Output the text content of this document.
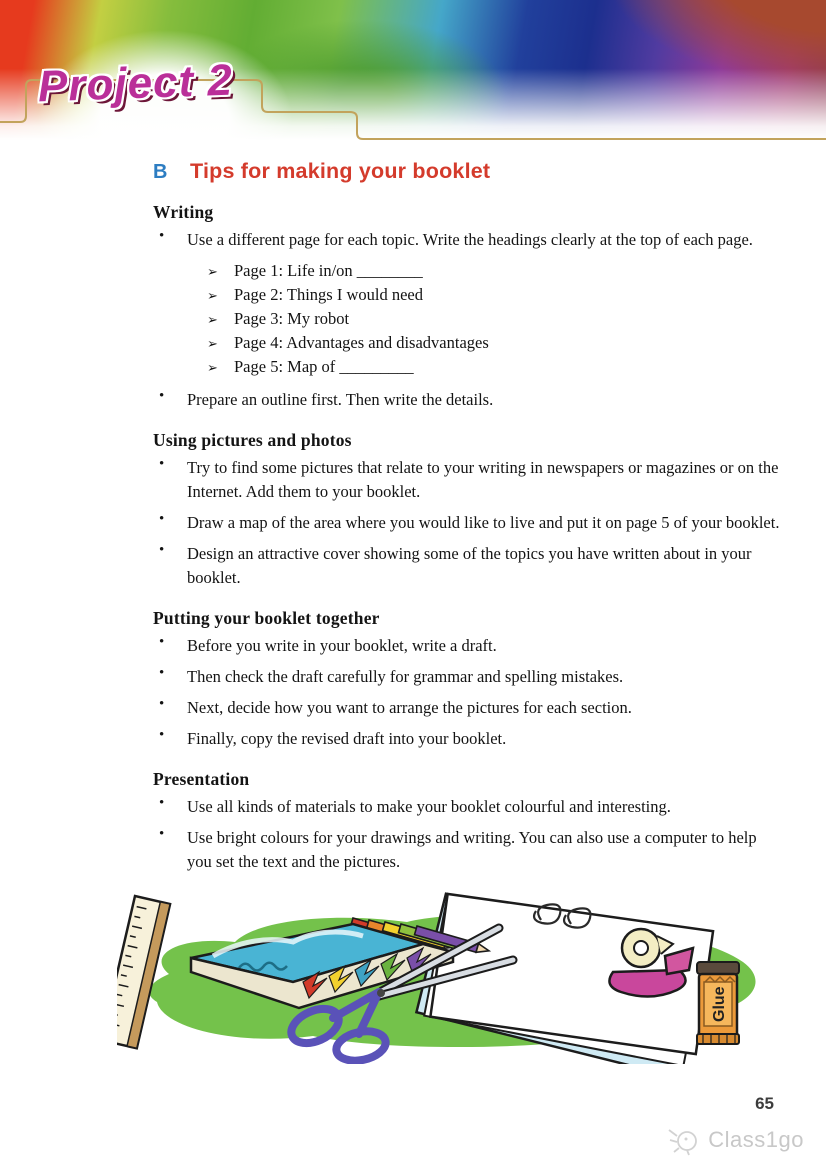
Project 2
B	Tips for making your booklet
Writing
•	Use a different page for each topic. Write the headings clearly at the top of each page.

➢ Page 1: Life in/on ________
➢ Page 2: Things I would need
➢ Page 3: My robot
➢ Page 4: Advantages and disadvantages
➢ Page 5: Map of _________
•	Prepare an outline first. Then write the details.

Using pictures and photos
•	Try to find some pictures that relate to your writing in newspapers or magazines or on the Internet. Add them to your booklet.

•	Draw a map of the area where you would like to live and put it on page 5 of your booklet.

•	Design an attractive cover showing some of the topics you have written about in your booklet.

Putting your booklet together
•	Before you write in your booklet, write a draft.

•	Then check the draft carefully for grammar and spelling mistakes.

•	Next, decide how you want to arrange the pictures for each section.

•	Finally, copy the revised draft into your booklet.

Presentation
•	Use all kinds of materials to make your booklet colourful and interesting.

•	Use bright colours for your drawings and writing. You can also use a computer to help you set the text and the pictures.

Glue
65
Class1go
